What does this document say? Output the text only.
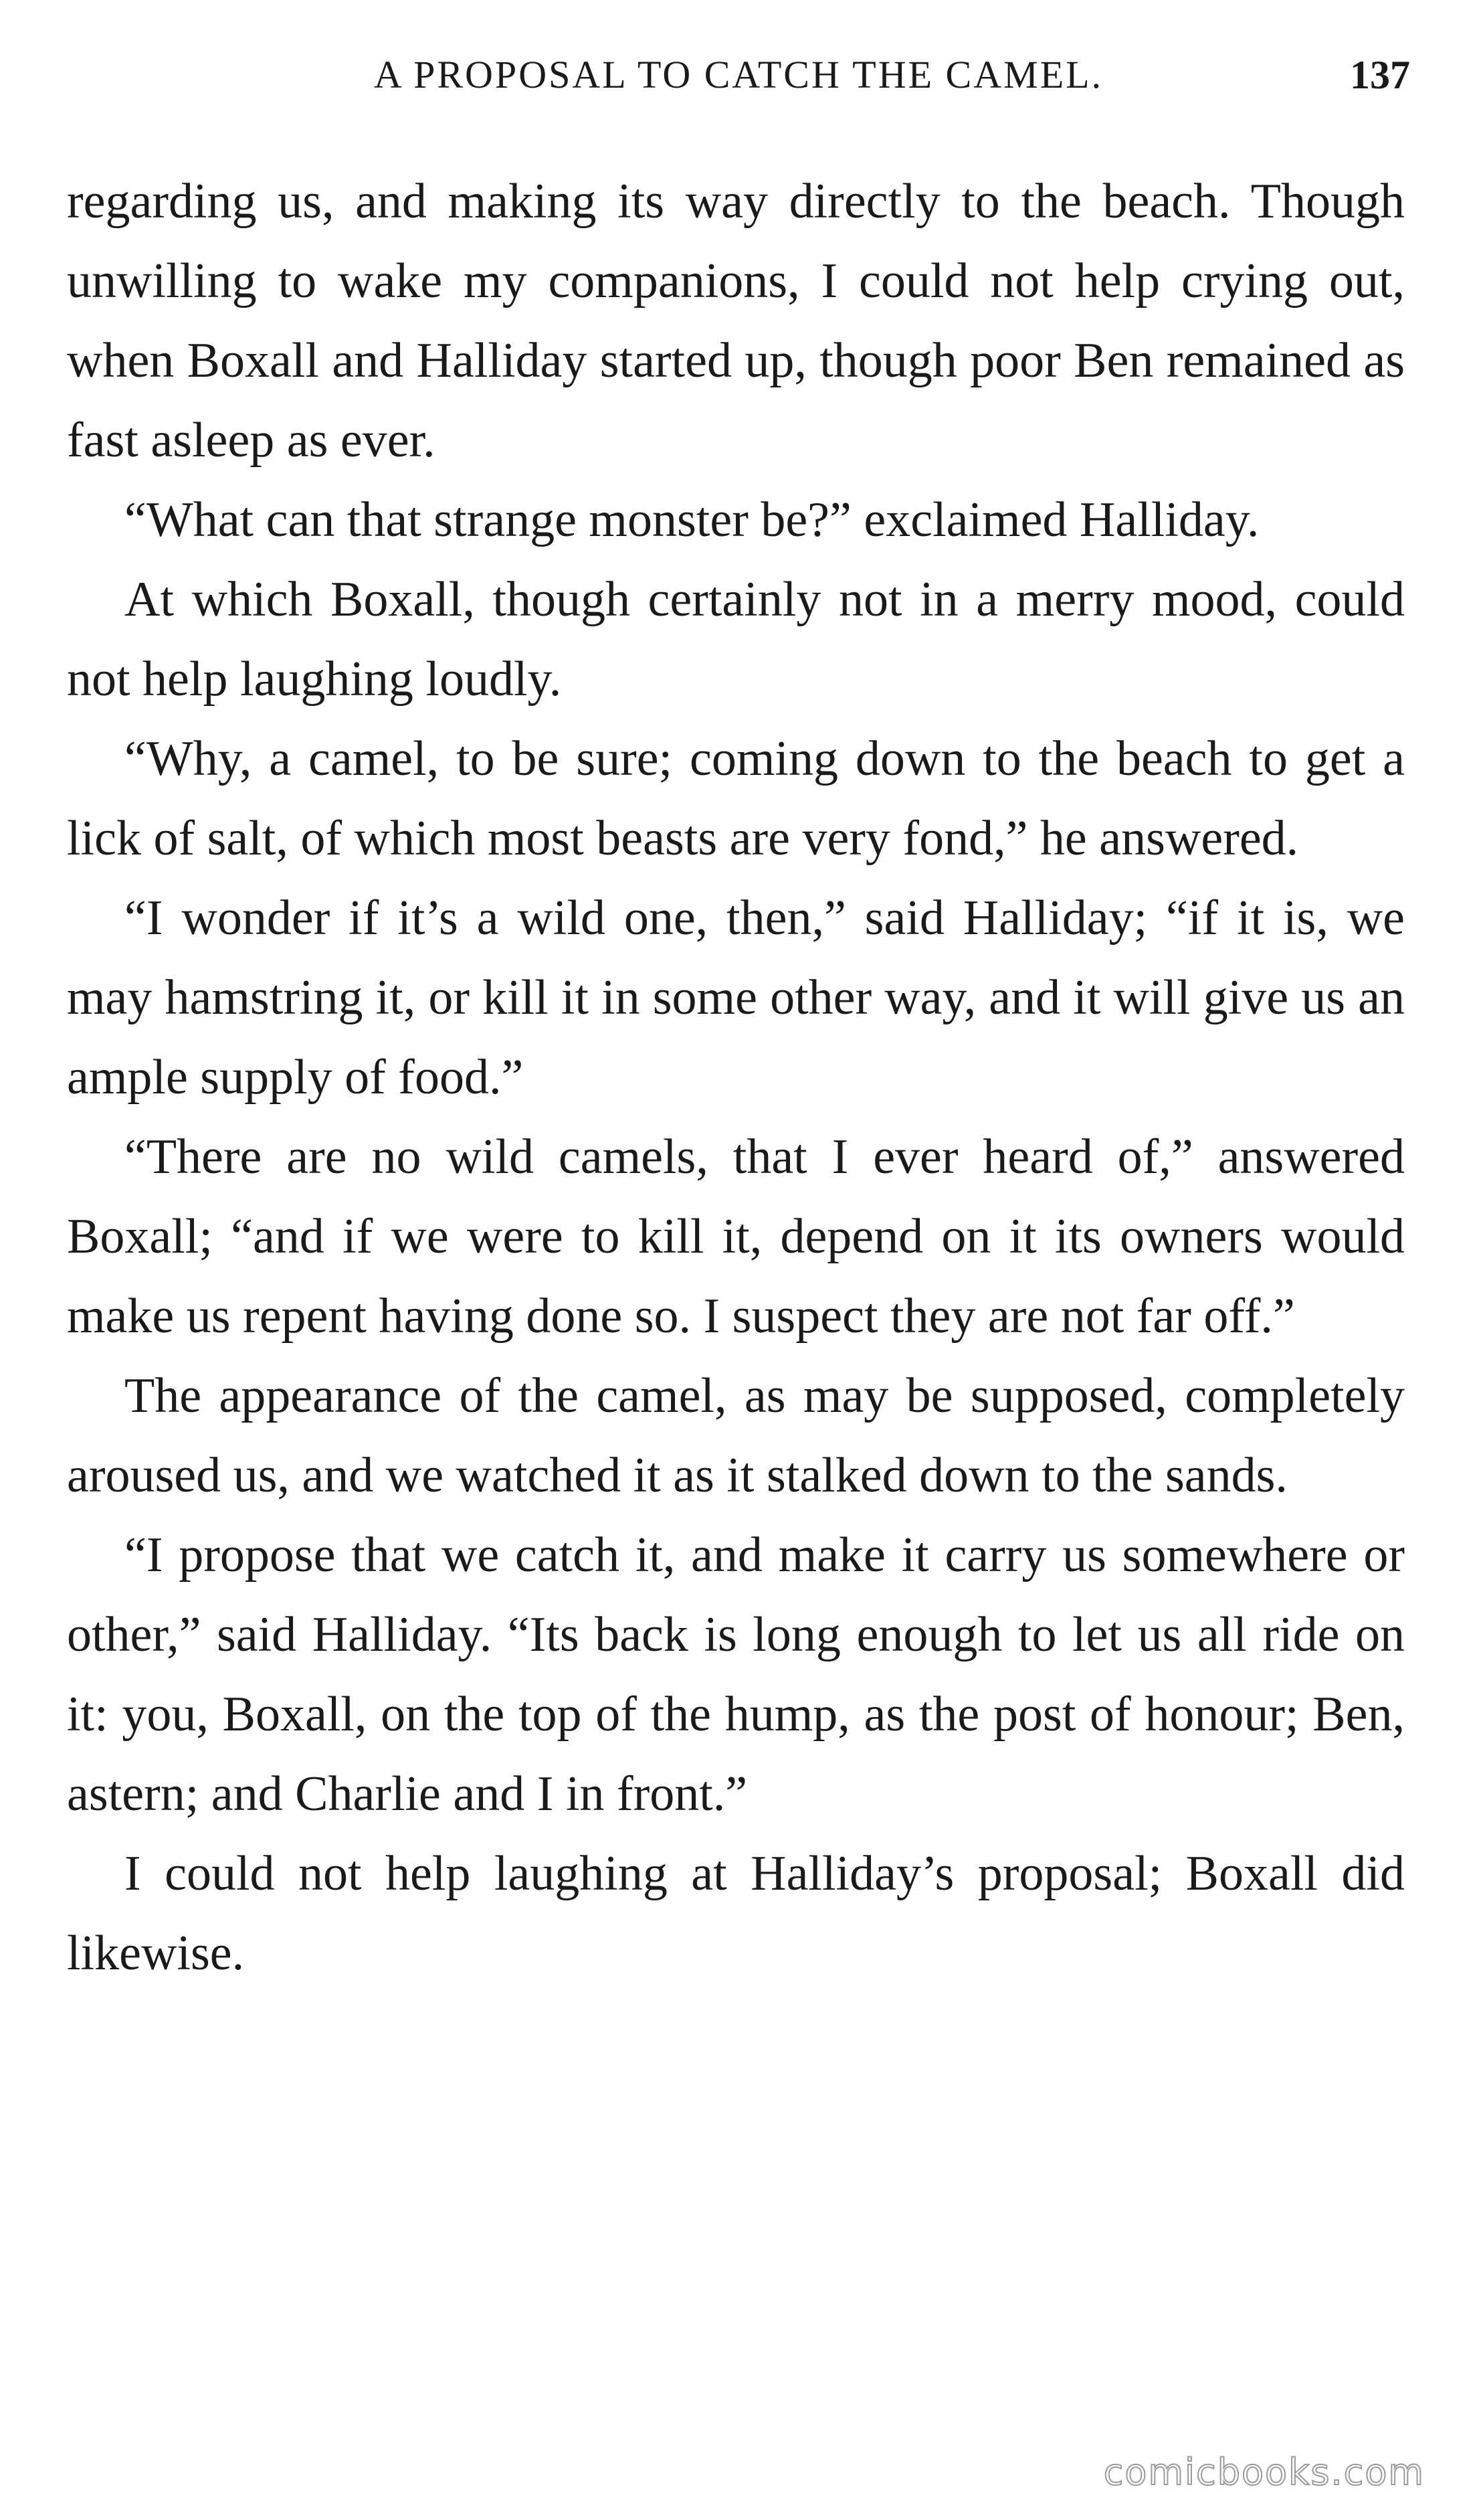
A PROPOSAL TO CATCH THE CAMEL.	137

regarding us, and making its way directly to the beach. Though unwilling to wake my companions, I could not help crying out, when Boxall and Halliday started up, though poor Ben remained as fast asleep as ever.

“What can that strange monster be?” exclaimed Halliday.

At which Boxall, though certainly not in a merry mood, could not help laughing loudly.

“Why, a camel, to be sure; coming down to the beach to get a lick of salt, of which most beasts are very fond,” he answered.

“I wonder if it’s a wild one, then,” said Halliday; “if it is, we may hamstring it, or kill it in some other way, and it will give us an ample supply of food.”

“There are no wild camels, that I ever heard of,” answered Boxall; “and if we were to kill it, depend on it its owners would make us repent having done so. I suspect they are not far off.”

The appearance of the camel, as may be supposed, completely aroused us, and we watched it as it stalked down to the sands.

“I propose that we catch it, and make it carry us somewhere or other,” said Halliday. “Its back is long enough to let us all ride on it: you, Boxall, on the top of the hump, as the post of honour; Ben, astern; and Charlie and I in front.”

I could not help laughing at Halliday’s proposal; Boxall did likewise.

comicbooks.com
